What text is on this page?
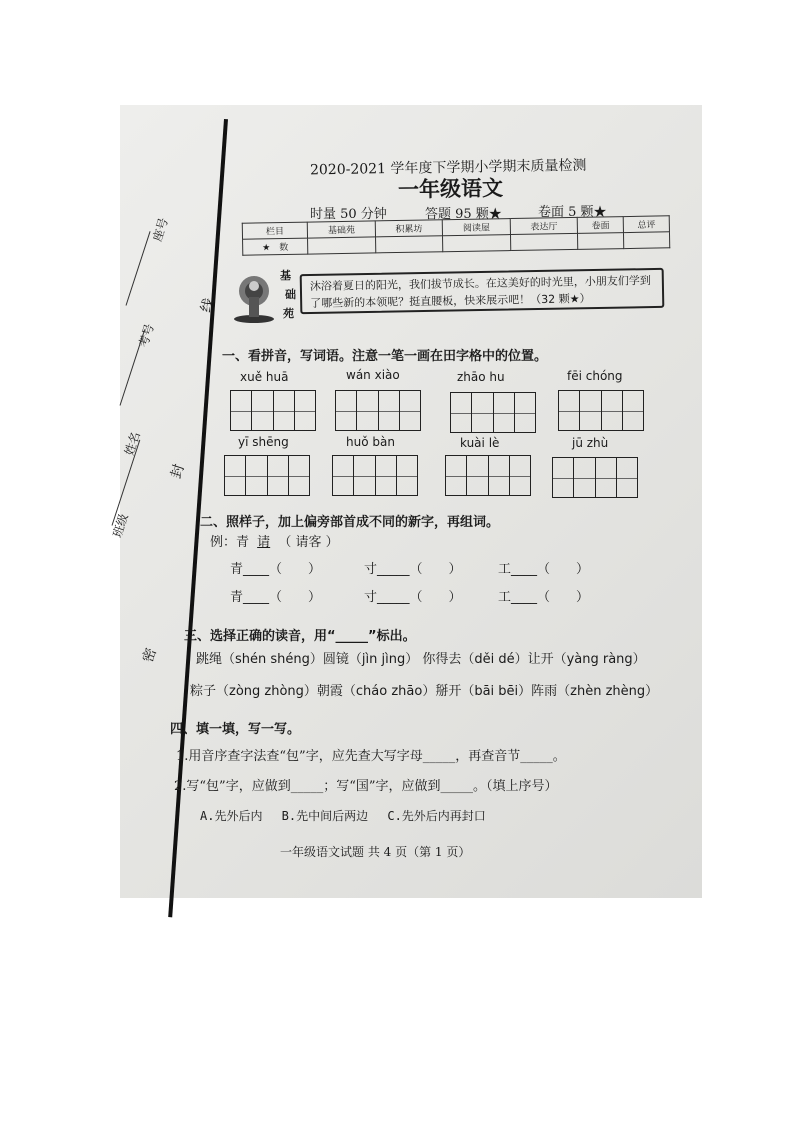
座号
考号
姓名
班级
线
封
密
2020-2021 学年度下学期小学期末质量检测
一年级语文
时量 50 分钟	答题 95 颗★	卷面 5 颗★
栏目	基础苑	积累坊	阅读屋	表达厅	卷面	总评
★　数						
基
础
苑
沐浴着夏日的阳光，我们拔节成长。在这美好的时光里，小朋友们学到了哪些新的本领呢？挺直腰板，快来展示吧！（32 颗★）
一、看拼音，写词语。注意一笔一画在田字格中的位置。
xuě huā	wán xiào	zhāo hu	fēi chóng
yī shēng	huǒ bàn	kuài lè	jū zhù
二、照样子，加上偏旁部首成不同的新字，再组词。
例：青 请 （ 请客 ）
青____（　　）	寸_____（　　）	工____（　　）
青____（　　）	寸_____（　　）	工____（　　）
三、选择正确的读音，用“_____”标出。
跳绳（shén shéng）圆镜（jìn jìng） 你得去（děi dé）让开（yàng ràng）
粽子（zòng zhòng）朝霞（cháo zhāo）掰开（bāi bēi）阵雨（zhèn zhèng）
四、填一填，写一写。
1.用音序查字法查“包”字，应先查大写字母_____，再查音节_____。
2.写“包”字，应做到_____；写“国”字，应做到_____。（填上序号）
A.先外后内　 B.先中间后两边　 C.先外后内再封口
一年级语文试题 共 4 页（第 1 页）
